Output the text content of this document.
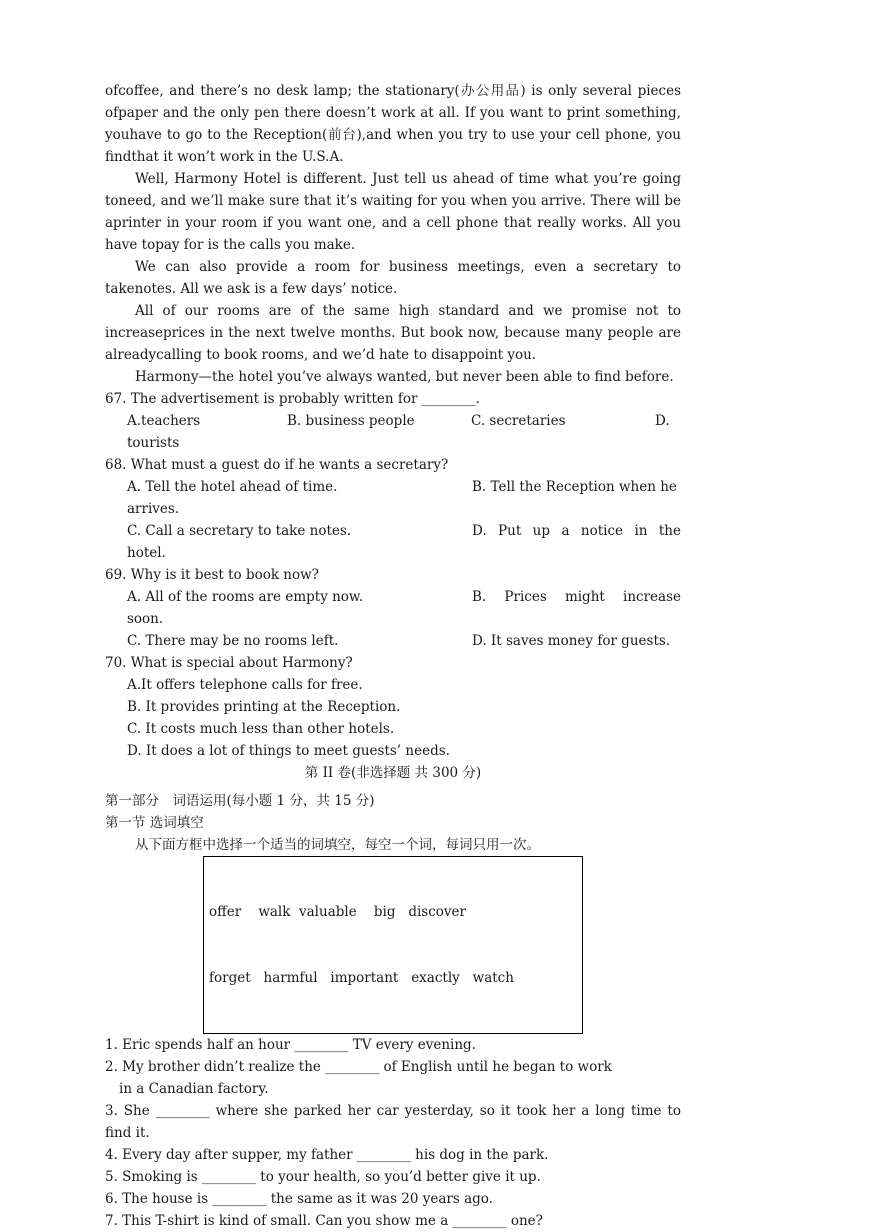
ofcoffee, and there’s no desk lamp; the stationary(办公用品) is only several pieces ofpaper and the only pen there doesn’t work at all. If you want to print something, youhave to go to the Reception(前台),and when you try to use your cell phone, you findthat it won’t work in the U.S.A.

Well, Harmony Hotel is different. Just tell us ahead of time what you’re going toneed, and we’ll make sure that it’s waiting for you when you arrive. There will be aprinter in your room if you want one, and a cell phone that really works. All you have topay for is the calls you make.

We can also provide a room for business meetings, even a secretary to takenotes. All we ask is a few days’ notice.

All of our rooms are of the same high standard and we promise not to increaseprices in the next twelve months. But book now, because many people are alreadycalling to book rooms, and we’d hate to disappoint you.

Harmony—the hotel you’ve always wanted, but never been able to find before.

67. The advertisement is probably written for ________.

A.teachers	B. business people	C. secretaries	D.
tourists

68. What must a guest do if he wants a secretary?

A. Tell the hotel ahead of time.	B. Tell the Reception when he
arrives.
C. Call a secretary to take notes.	D. Put up a notice in the
hotel.

69. Why is it best to book now?

A. All of the rooms are empty now.	B. Prices might increase
soon.
C. There may be no rooms left.	D. It saves money for guests.

70. What is special about Harmony?

A.It offers telephone calls for free.
B. It provides printing at the Reception.
C. It costs much less than other hotels.
D. It does a lot of things to meet guests’ needs.

第 II 卷(非选择题 共 300 分)

第一部分　词语运用(每小题 1 分，共 15 分)

第一节 选词填空

从下面方框中选择一个适当的词填空，每空一个词，每词只用一次。

offer    walk  valuable    big   discover

forget   harmful   important   exactly   watch

1. Eric spends half an hour ________ TV every evening.

2. My brother didn’t realize the ________ of English until he began to work
in a Canadian factory.

3. She ________ where she parked her car yesterday, so it took her a long time to find it.

4. Every day after supper, my father ________ his dog in the park.

5. Smoking is ________ to your health, so you’d better give it up.

6. The house is ________ the same as it was 20 years ago.

7. This T-shirt is kind of small. Can you show me a ________ one?
